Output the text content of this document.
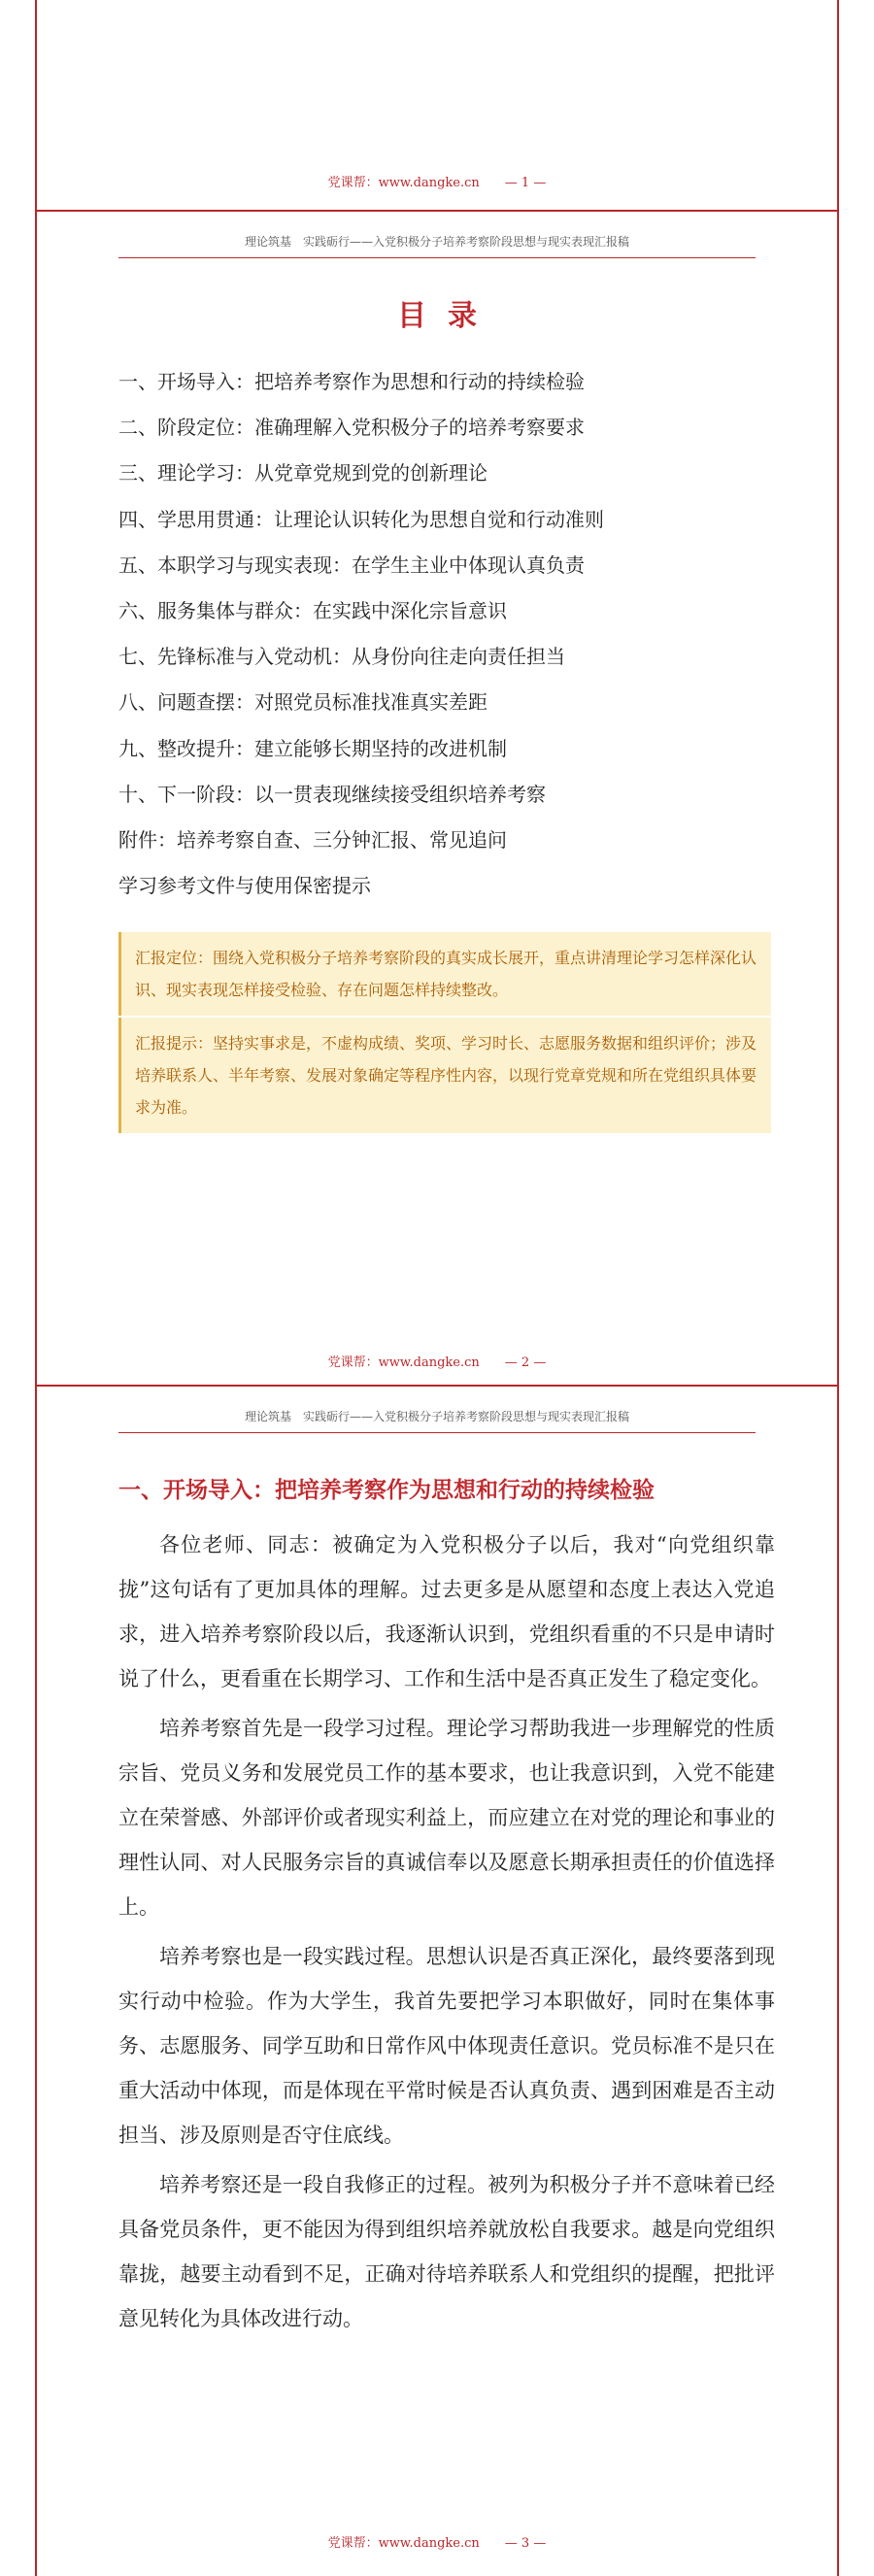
党课帮：www.dangke.cn — 1 —
理论筑基　实践砺行——入党积极分子培养考察阶段思想与现实表现汇报稿
目录
一、开场导入：把培养考察作为思想和行动的持续检验
二、阶段定位：准确理解入党积极分子的培养考察要求
三、理论学习：从党章党规到党的创新理论
四、学思用贯通：让理论认识转化为思想自觉和行动准则
五、本职学习与现实表现：在学生主业中体现认真负责
六、服务集体与群众：在实践中深化宗旨意识
七、先锋标准与入党动机：从身份向往走向责任担当
八、问题查摆：对照党员标准找准真实差距
九、整改提升：建立能够长期坚持的改进机制
十、下一阶段：以一贯表现继续接受组织培养考察
附件：培养考察自查、三分钟汇报、常见追问
学习参考文件与使用保密提示
汇报定位：围绕入党积极分子培养考察阶段的真实成长展开，重点讲清理论学习怎样深化认识、现实表现怎样接受检验、存在问题怎样持续整改。
汇报提示：坚持实事求是，不虚构成绩、奖项、学习时长、志愿服务数据和组织评价；涉及培养联系人、半年考察、发展对象确定等程序性内容，以现行党章党规和所在党组织具体要求为准。
党课帮：www.dangke.cn — 2 —
理论筑基　实践砺行——入党积极分子培养考察阶段思想与现实表现汇报稿
一、开场导入：把培养考察作为思想和行动的持续检验

各位老师、同志：被确定为入党积极分子以后，我对“向党组织靠拢”这句话有了更加具体的理解。过去更多是从愿望和态度上表达入党追求，进入培养考察阶段以后，我逐渐认识到，党组织看重的不只是申请时说了什么，更看重在长期学习、工作和生活中是否真正发生了稳定变化。

培养考察首先是一段学习过程。理论学习帮助我进一步理解党的性质宗旨、党员义务和发展党员工作的基本要求，也让我意识到，入党不能建立在荣誉感、外部评价或者现实利益上，而应建立在对党的理论和事业的理性认同、对人民服务宗旨的真诚信奉以及愿意长期承担责任的价值选择上。

培养考察也是一段实践过程。思想认识是否真正深化，最终要落到现实行动中检验。作为大学生，我首先要把学习本职做好，同时在集体事务、志愿服务、同学互助和日常作风中体现责任意识。党员标准不是只在重大活动中体现，而是体现在平常时候是否认真负责、遇到困难是否主动担当、涉及原则是否守住底线。

培养考察还是一段自我修正的过程。被列为积极分子并不意味着已经具备党员条件，更不能因为得到组织培养就放松自我要求。越是向党组织靠拢，越要主动看到不足，正确对待培养联系人和党组织的提醒，把批评意见转化为具体改进行动。

党课帮：www.dangke.cn — 3 —
